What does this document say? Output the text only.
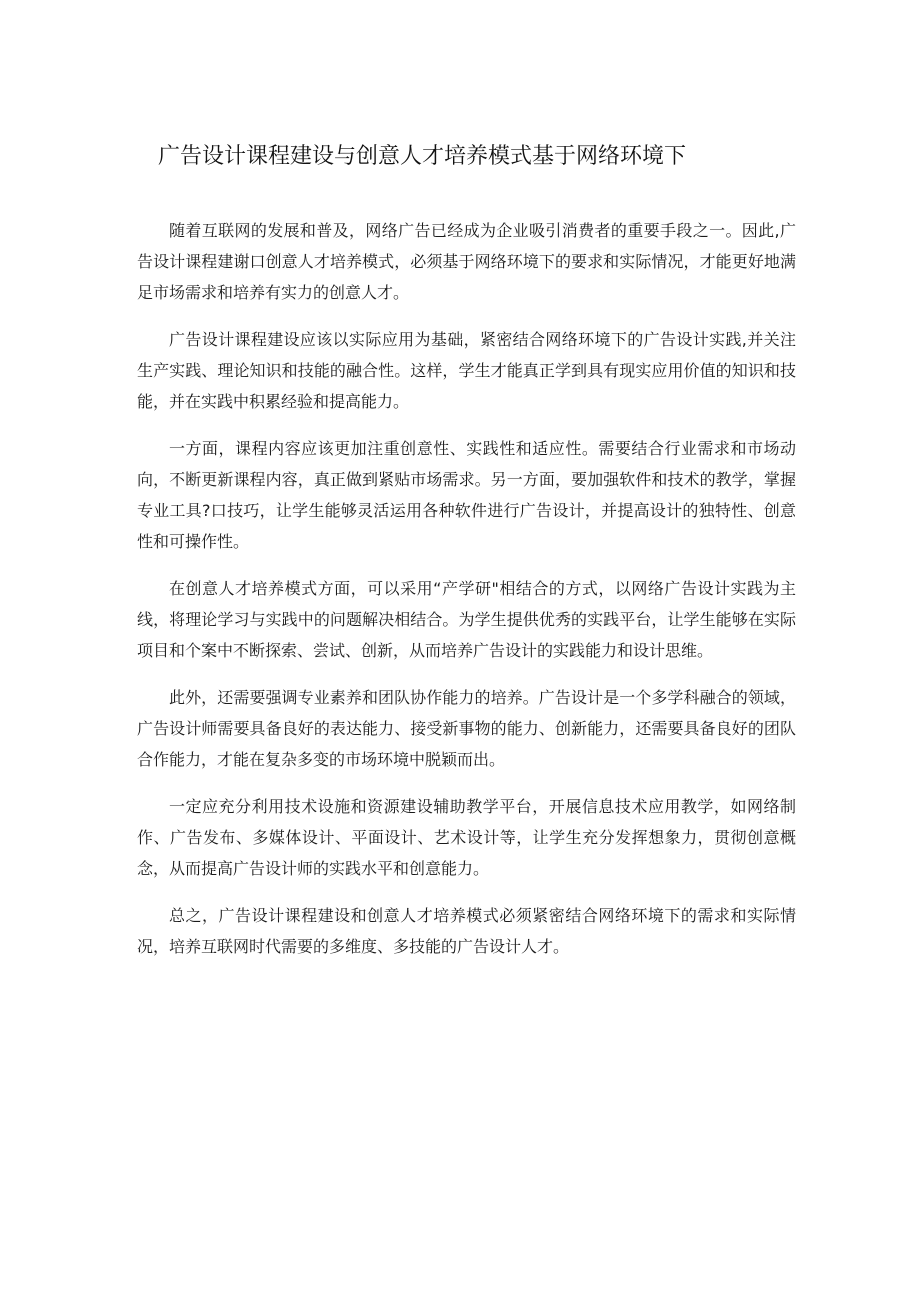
广告设计课程建设与创意人才培养模式基于网络环境下

随着互联网的发展和普及，网络广告已经成为企业吸引消费者的重要手段之一。因此,广告设计课程建谢口创意人才培养模式，必须基于网络环境下的要求和实际情况，才能更好地满足市场需求和培养有实力的创意人才。

广告设计课程建设应该以实际应用为基础，紧密结合网络环境下的广告设计实践,并关注生产实践、理论知识和技能的融合性。这样，学生才能真正学到具有现实应用价值的知识和技能，并在实践中积累经验和提高能力。

一方面，课程内容应该更加注重创意性、实践性和适应性。需要结合行业需求和市场动向，不断更新课程内容，真正做到紧贴市场需求。另一方面，要加强软件和技术的教学，掌握专业工具?口技巧，让学生能够灵活运用各种软件进行广告设计，并提高设计的独特性、创意性和可操作性。

在创意人才培养模式方面，可以采用“产学研"相结合的方式，以网络广告设计实践为主线，将理论学习与实践中的问题解决相结合。为学生提供优秀的实践平台，让学生能够在实际项目和个案中不断探索、尝试、创新，从而培养广告设计的实践能力和设计思维。

此外，还需要强调专业素养和团队协作能力的培养。广告设计是一个多学科融合的领域，广告设计师需要具备良好的表达能力、接受新事物的能力、创新能力，还需要具备良好的团队合作能力，才能在复杂多变的市场环境中脱颖而出。

一定应充分利用技术设施和资源建设辅助教学平台，开展信息技术应用教学，如网络制作、广告发布、多媒体设计、平面设计、艺术设计等，让学生充分发挥想象力，贯彻创意概念，从而提高广告设计师的实践水平和创意能力。

总之，广告设计课程建设和创意人才培养模式必须紧密结合网络环境下的需求和实际情况，培养互联网时代需要的多维度、多技能的广告设计人才。
